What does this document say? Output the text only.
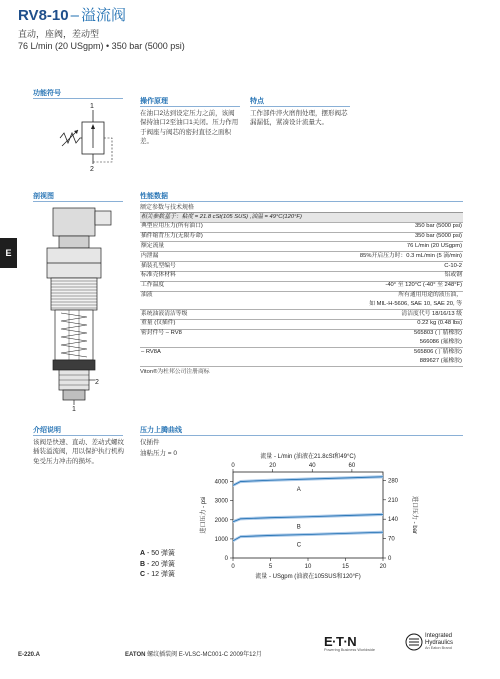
RV8-10 – 溢流阀
直动，座阀，差动型
76 L/min (20 USgpm) • 350 bar (5000 psi)
E
功能符号
1
2
操作原理
在油口2达到设定压力之前，该阀保持油口2至油口1关闭。压力作用于阀座与阀芯的密封直径之面积差。
特点
工作部件淬火磨削处理，摆形阀芯漏漏低，紧凑设计流量大。
剖视图
2
1
性能数据
额定参数与技术规格
相关参数基于：粘度 = 21.8 cSt(105 SUS) ,油温 = 49°C(120°F)	
典型应用压力(所有油口)	350 bar (5000 psi)
插件缩背压力(无限寿命)	350 bar (5000 psi)
额定流量	76 L/min (20 USgpm)
内泄漏	85%开启压力时：0.3 mL/min (5 滴/min)
插装孔型编号	C-10-2
标准壳体材料	铝或钢
工作温度	-40° 至 120°C (-40° 至 248°F)
油液	所有通用用途的液压油，
	如 MIL-H-5606, SAE 10, SAE 20, 等
系统油液清洁等级	清洁度代号 18/16/13 级
重量 (仅插件)	0.22 kg (0.48 lbs)
密封件号 – RV8	565803 (丁腈橡胶)
	566086 (氟橡胶)
– RV8A	565806 (丁腈橡胶)
	889627 (氟橡胶)
Viton®为杜邦公司注册商标
介绍说明
该阀是快速、直动、差动式螺纹插装溢流阀，用以保护执行机构免受压力冲击的损坏。
压力上腾曲线
仅插件
油粘压力 = 0
A - 50 弹簧
B - 20 弹簧
C - 12 弹簧
0	5	10	15	20
0	20	40	60
0
1000
2000
3000
4000
0
70
140
210
280
流量 - L/min (油液在21.8cSt和49°C)
流量 - USgpm (油液在105SUS和120°F)
进口压力 - psi	进口压力 - bar
A
B
C
E-220.A	EATON 螺纹插装阀 E-VLSC-MC001-C 2009年12月
E·T·N
Powering Business Worldwide
Integrated
Hydraulics
An Eaton Brand
